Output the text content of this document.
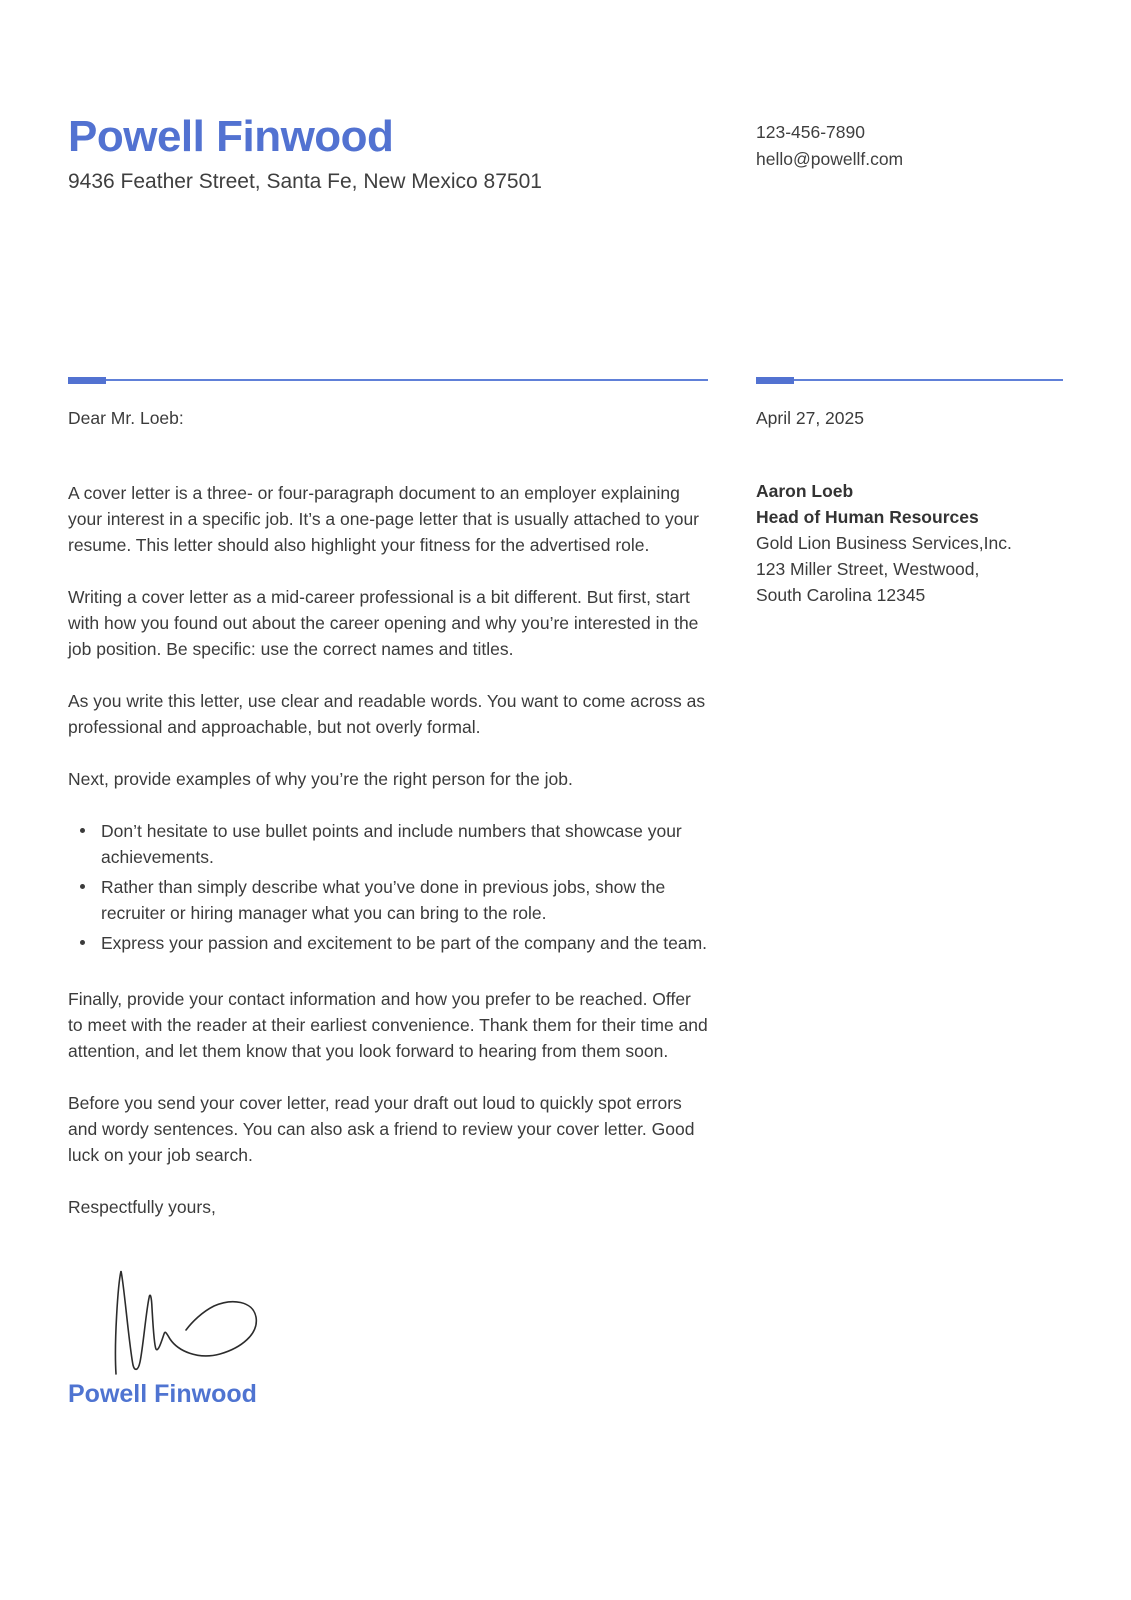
Powell Finwood
9436 Feather Street, Santa Fe, New Mexico 87501
123-456-7890
hello@powellf.com
Dear Mr. Loeb:

A cover letter is a three- or four-paragraph document to an employer explaining your interest in a specific job. It’s a one-page letter that is usually attached to your resume. This letter should also highlight your fitness for the advertised role.

Writing a cover letter as a mid-career professional is a bit different. But first, start with how you found out about the career opening and why you’re interested in the job position. Be specific: use the correct names and titles.

As you write this letter, use clear and readable words. You want to come across as professional and approachable, but not overly formal.

Next, provide examples of why you’re the right person for the job.

Don’t hesitate to use bullet points and include numbers that showcase your achievements.
Rather than simply describe what you’ve done in previous jobs, show the recruiter or hiring manager what you can bring to the role.
Express your passion and excitement to be part of the company and the team.

Finally, provide your contact information and how you prefer to be reached. Offer to meet with the reader at their earliest convenience. Thank them for their time and attention, and let them know that you look forward to hearing from them soon.

Before you send your cover letter, read your draft out loud to quickly spot errors and wordy sentences. You can also ask a friend to review your cover letter. Good luck on your job search.

Respectfully yours,
Powell Finwood
April 27, 2025
Aaron Loeb
Head of Human Resources
Gold Lion Business Services,Inc.
123 Miller Street, Westwood,
South Carolina 12345
